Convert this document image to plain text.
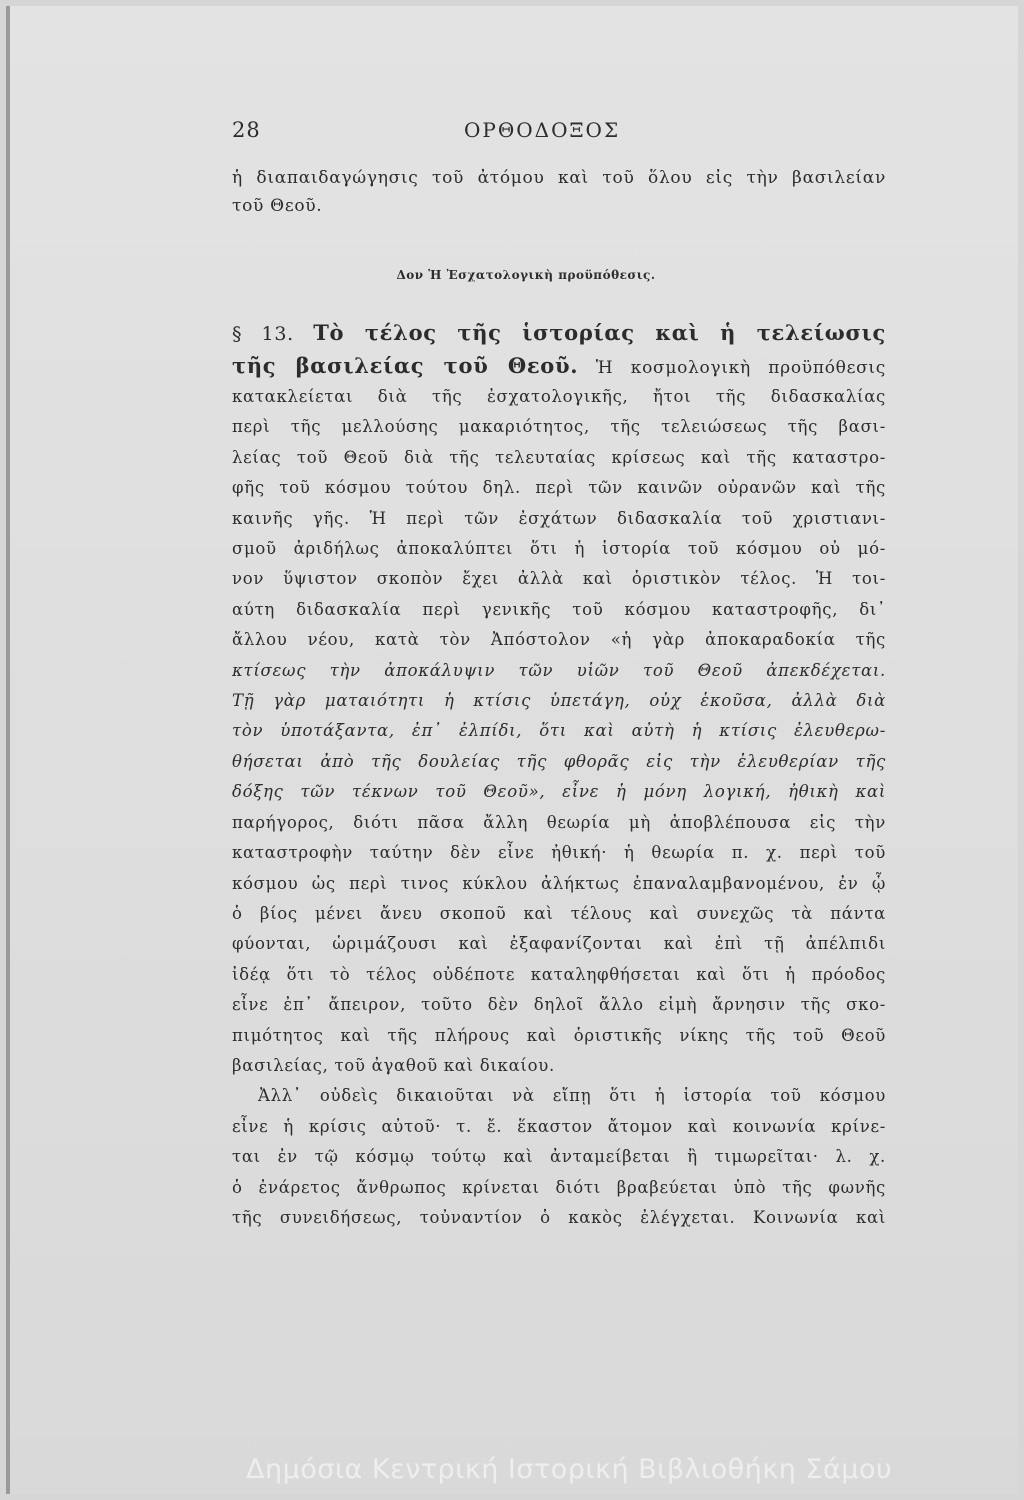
28	ΟΡΘΟΔΟΞΟΣ
ἡ διαπαιδαγώγησις τοῦ ἀτόμου καὶ τοῦ ὅλου εἰς τὴν βασιλείαν
τοῦ Θεοῦ.
Δον Ἡ Ἐσχατολογικὴ προϋπόθεσις.
§ 13. Τὸ τέλος τῆς ἱστορίας καὶ ἡ τελείωσις
τῆς βασιλείας τοῦ Θεοῦ. Ἡ κοσμολογικὴ προϋπόθεσις
κατακλείεται διὰ τῆς ἐσχατολογικῆς, ἤτοι τῆς διδασκαλίας
περὶ τῆς μελλούσης μακαριότητος, τῆς τελειώσεως τῆς βασι-
λείας τοῦ Θεοῦ διὰ τῆς τελευταίας κρίσεως καὶ τῆς καταστρο-
φῆς τοῦ κόσμου τούτου δηλ. περὶ τῶν καινῶν οὐρανῶν καὶ τῆς
καινῆς γῆς. Ἡ περὶ τῶν ἐσχάτων διδασκαλία τοῦ χριστιανι-
σμοῦ ἀριδήλως ἀποκαλύπτει ὅτι ἡ ἱστορία τοῦ κόσμου οὐ μό-
νον ὕψιστον σκοπὸν ἔχει ἀλλὰ καὶ ὁριστικὸν τέλος. Ἡ τοι-
αύτη διδασκαλία περὶ γενικῆς τοῦ κόσμου καταστροφῆς, δι᾿
ἄλλου νέου, κατὰ τὸν Ἀπόστολον «ἡ γὰρ ἀποκαραδοκία τῆς
κτίσεως τὴν ἀποκάλυψιν τῶν υἱῶν τοῦ Θεοῦ ἀπεκδέχεται.
Τῇ γὰρ ματαιότητι ἡ κτίσις ὑπετάγη, οὐχ ἑκοῦσα, ἀλλὰ διὰ
τὸν ὑποτάξαντα, ἐπ᾿ ἐλπίδι, ὅτι καὶ αὐτὴ ἡ κτίσις ἐλευθερω-
θήσεται ἀπὸ τῆς δουλείας τῆς φθορᾶς εἰς τὴν ἐλευθερίαν τῆς
δόξης τῶν τέκνων τοῦ Θεοῦ», εἶνε ἡ μόνη λογική, ἠθικὴ καὶ
παρήγορος, διότι πᾶσα ἄλλη θεωρία μὴ ἀποβλέπουσα εἰς τὴν
καταστροφὴν ταύτην δὲν εἶνε ἠθική· ἡ θεωρία π. χ. περὶ τοῦ
κόσμου ὡς περὶ τινος κύκλου ἀλήκτως ἐπαναλαμβανομένου, ἐν ᾧ
ὁ βίος μένει ἄνευ σκοποῦ καὶ τέλους καὶ συνεχῶς τὰ πάντα
φύονται, ὡριμάζουσι καὶ ἐξαφανίζονται καὶ ἐπὶ τῇ ἀπέλπιδι
ἰδέᾳ ὅτι τὸ τέλος οὐδέποτε καταληφθήσεται καὶ ὅτι ἡ πρόοδος
εἶνε ἐπ᾿ ἄπειρον, τοῦτο δὲν δηλοῖ ἄλλο εἰμὴ ἄρνησιν τῆς σκο-
πιμότητος καὶ τῆς πλήρους καὶ ὁριστικῆς νίκης τῆς τοῦ Θεοῦ
βασιλείας, τοῦ ἀγαθοῦ καὶ δικαίου.
Ἀλλ᾿ οὐδεὶς δικαιοῦται νὰ εἴπῃ ὅτι ἡ ἱστορία τοῦ κόσμου
εἶνε ἡ κρίσις αὐτοῦ· τ. ἔ. ἕκαστον ἄτομον καὶ κοινωνία κρίνε-
ται ἐν τῷ κόσμῳ τούτῳ καὶ ἀνταμείβεται ἢ τιμωρεῖται· λ. χ.
ὁ ἐνάρετος ἄνθρωπος κρίνεται διότι βραβεύεται ὑπὸ τῆς φωνῆς
τῆς συνειδήσεως, τοὐναντίον ὁ κακὸς ἐλέγχεται. Κοινωνία καὶ
Δημόσια Κεντρική Ιστορική Βιβλιοθήκη Σάμου
